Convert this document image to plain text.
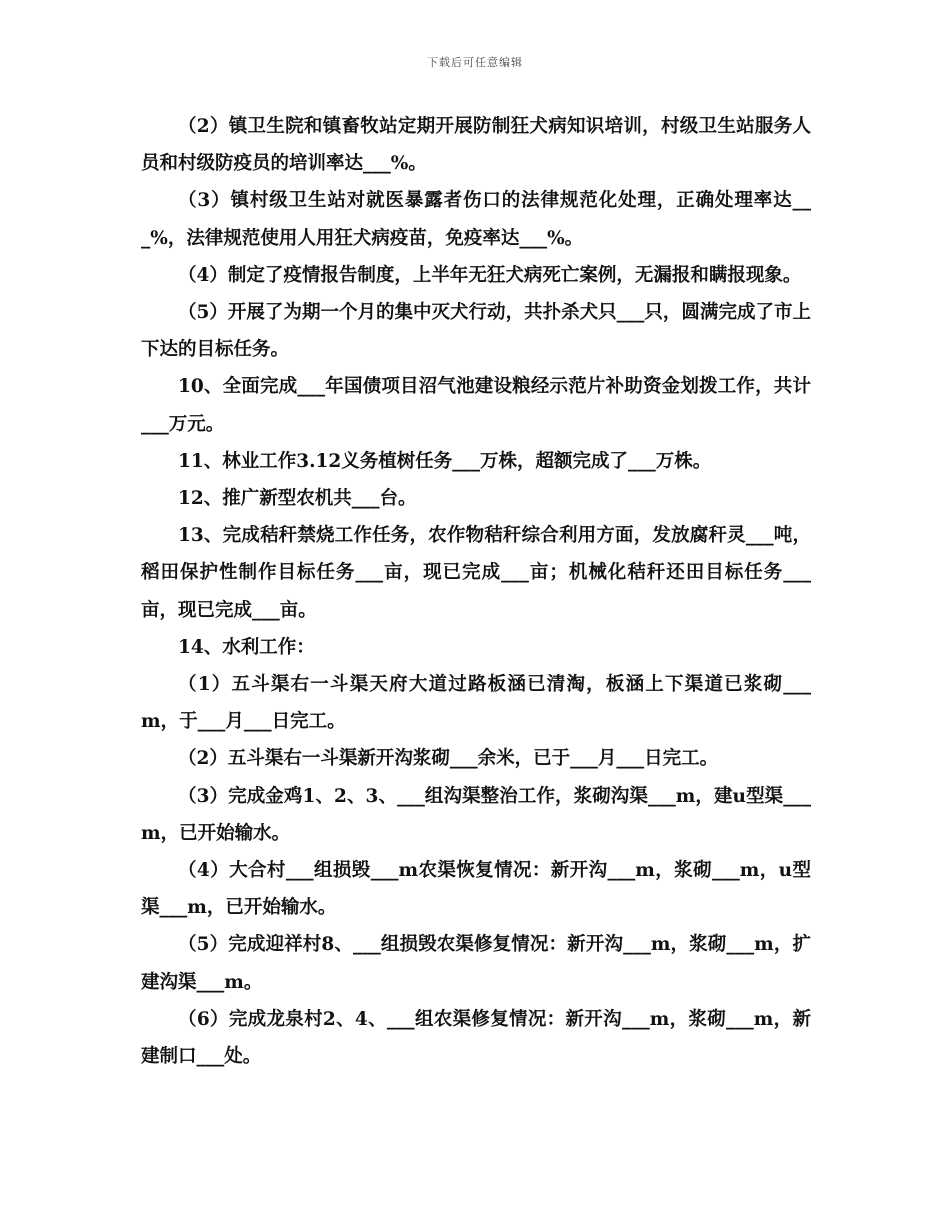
下载后可任意编辑

（2）镇卫生院和镇畜牧站定期开展防制狂犬病知识培训，村级卫生站服务人员和村级防疫员的培训率达___%。

（3）镇村级卫生站对就医暴露者伤口的法律规范化处理，正确处理率达___%，法律规范使用人用狂犬病疫苗，免疫率达___%。

（4）制定了疫情报告制度，上半年无狂犬病死亡案例，无漏报和瞒报现象。

（5）开展了为期一个月的集中灭犬行动，共扑杀犬只___只，圆满完成了市上下达的目标任务。

10、全面完成___年国债项目沼气池建设粮经示范片补助资金划拨工作，共计___万元。

11、林业工作3.12义务植树任务___万株，超额完成了___万株。

12、推广新型农机共___台。

13、完成秸秆禁烧工作任务，农作物秸秆综合利用方面，发放腐秆灵___吨，稻田保护性制作目标任务___亩，现已完成___亩；机械化秸秆还田目标任务___亩，现已完成___亩。

14、水利工作：

（1）五斗渠右一斗渠天府大道过路板涵已清淘，板涵上下渠道已浆砌___m，于___月___日完工。

（2）五斗渠右一斗渠新开沟浆砌___余米，已于___月___日完工。

（3）完成金鸡1、2、3、___组沟渠整治工作，浆砌沟渠___m，建u型渠___m，已开始输水。

（4）大合村___组损毁___m农渠恢复情况：新开沟___m，浆砌___m，u型渠___m，已开始输水。

（5）完成迎祥村8、___组损毁农渠修复情况：新开沟___m，浆砌___m，扩建沟渠___m。

（6）完成龙泉村2、4、___组农渠修复情况：新开沟___m，浆砌___m，新建制口___处。
